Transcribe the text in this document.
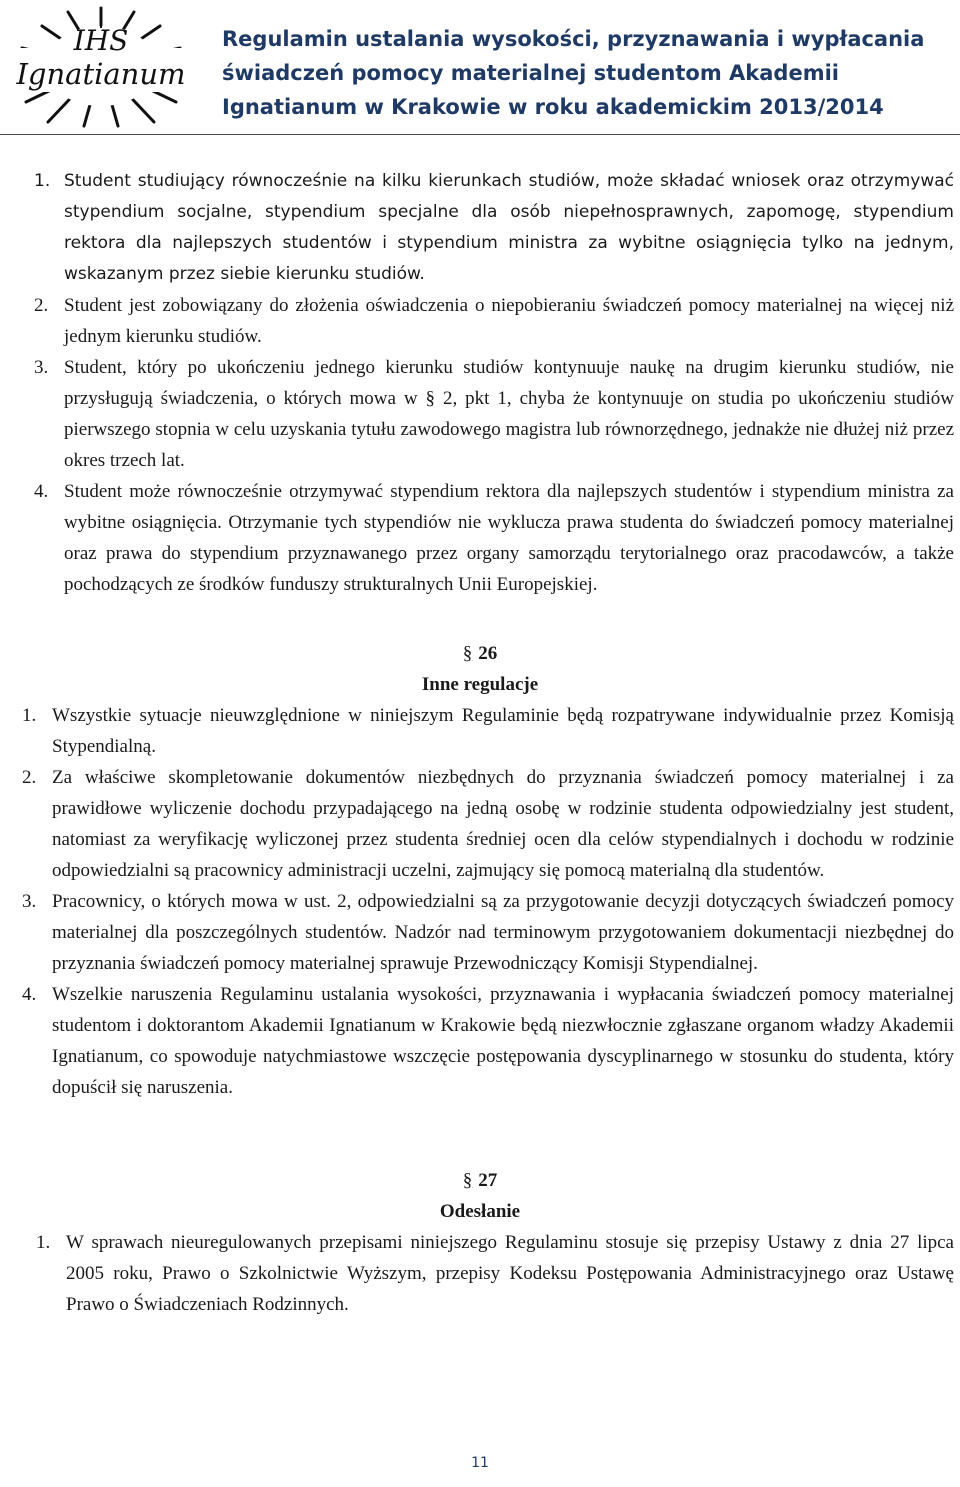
IHS
Ignatianum
Regulamin ustalania wysokości, przyznawania i wypłacania
świadczeń pomocy materialnej studentom Akademii
Ignatianum w Krakowie w roku akademickim 2013/2014

1. Student studiujący równocześnie na kilku kierunkach studiów, może składać wniosek oraz otrzymywać stypendium socjalne, stypendium specjalne dla osób niepełnosprawnych, zapomogę, stypendium rektora dla najlepszych studentów i stypendium ministra za wybitne osiągnięcia tylko na jednym, wskazanym przez siebie kierunku studiów.

2. Student jest zobowiązany do złożenia oświadczenia o niepobieraniu świadczeń pomocy materialnej na więcej niż jednym kierunku studiów.

3. Student, który po ukończeniu jednego kierunku studiów kontynuuje naukę na drugim kierunku studiów, nie przysługują świadczenia, o których mowa w § 2, pkt 1, chyba że kontynuuje on studia po ukończeniu studiów pierwszego stopnia w celu uzyskania tytułu zawodowego magistra lub równorzędnego, jednakże nie dłużej niż przez okres trzech lat.

4. Student może równocześnie otrzymywać stypendium rektora dla najlepszych studentów i stypendium ministra za wybitne osiągnięcia. Otrzymanie tych stypendiów nie wyklucza prawa studenta do świadczeń pomocy materialnej oraz prawa do stypendium przyznawanego przez organy samorządu terytorialnego oraz pracodawców, a także pochodzących ze środków funduszy strukturalnych Unii Europejskiej.

§ 26
Inne regulacje

1. Wszystkie sytuacje nieuwzględnione w niniejszym Regulaminie będą rozpatrywane indywidualnie przez Komisją Stypendialną.

2. Za właściwe skompletowanie dokumentów niezbędnych do przyznania świadczeń pomocy materialnej i za prawidłowe wyliczenie dochodu przypadającego na jedną osobę w rodzinie studenta odpowiedzialny jest student, natomiast za weryfikację wyliczonej przez studenta średniej ocen dla celów stypendialnych i dochodu w rodzinie odpowiedzialni są pracownicy administracji uczelni, zajmujący się pomocą materialną dla studentów.

3. Pracownicy, o których mowa w ust. 2, odpowiedzialni są za przygotowanie decyzji dotyczących świadczeń pomocy materialnej dla poszczególnych studentów. Nadzór nad terminowym przygotowaniem dokumentacji niezbędnej do przyznania świadczeń pomocy materialnej sprawuje Przewodniczący Komisji Stypendialnej.

4. Wszelkie naruszenia Regulaminu ustalania wysokości, przyznawania i wypłacania świadczeń pomocy materialnej studentom i doktorantom Akademii Ignatianum w Krakowie będą niezwłocznie zgłaszane organom władzy Akademii Ignatianum, co spowoduje natychmiastowe wszczęcie postępowania dyscyplinarnego w stosunku do studenta, który dopuścił się naruszenia.

§ 27
Odesłanie

1. W sprawach nieuregulowanych przepisami niniejszego Regulaminu stosuje się przepisy Ustawy z dnia 27 lipca 2005 roku, Prawo o Szkolnictwie Wyższym, przepisy Kodeksu Postępowania Administracyjnego oraz Ustawę Prawo o Świadczeniach Rodzinnych.

11
